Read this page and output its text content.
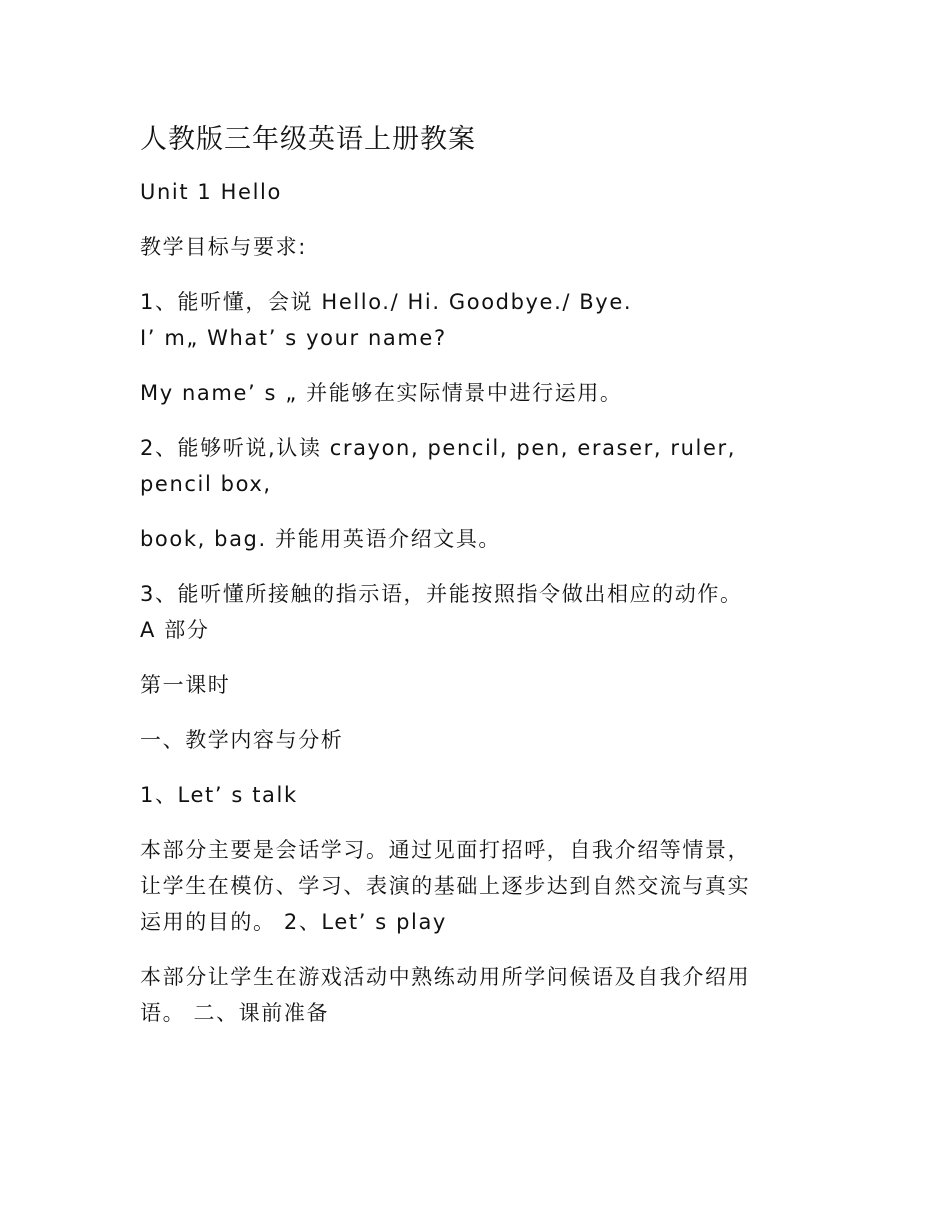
人教版三年级英语上册教案

Unit 1 Hello

教学目标与要求:

1、能听懂，会说 Hello./ Hi. Goodbye./ Bye.
I’ m„ What’ s your name?

My name’ s „ 并能够在实际情景中进行运用。

2、能够听说,认读 crayon, pencil, pen, eraser, ruler,
pencil box,

book, bag. 并能用英语介绍文具。

3、能听懂所接触的指示语，并能按照指令做出相应的动作。
A 部分

第一课时

一、教学内容与分析

1、Let’ s talk

本部分主要是会话学习。通过见面打招呼，自我介绍等情景，
让学生在模仿、学习、表演的基础上逐步达到自然交流与真实
运用的目的。 2、Let’ s play

本部分让学生在游戏活动中熟练动用所学问候语及自我介绍用
语。 二、课前准备
